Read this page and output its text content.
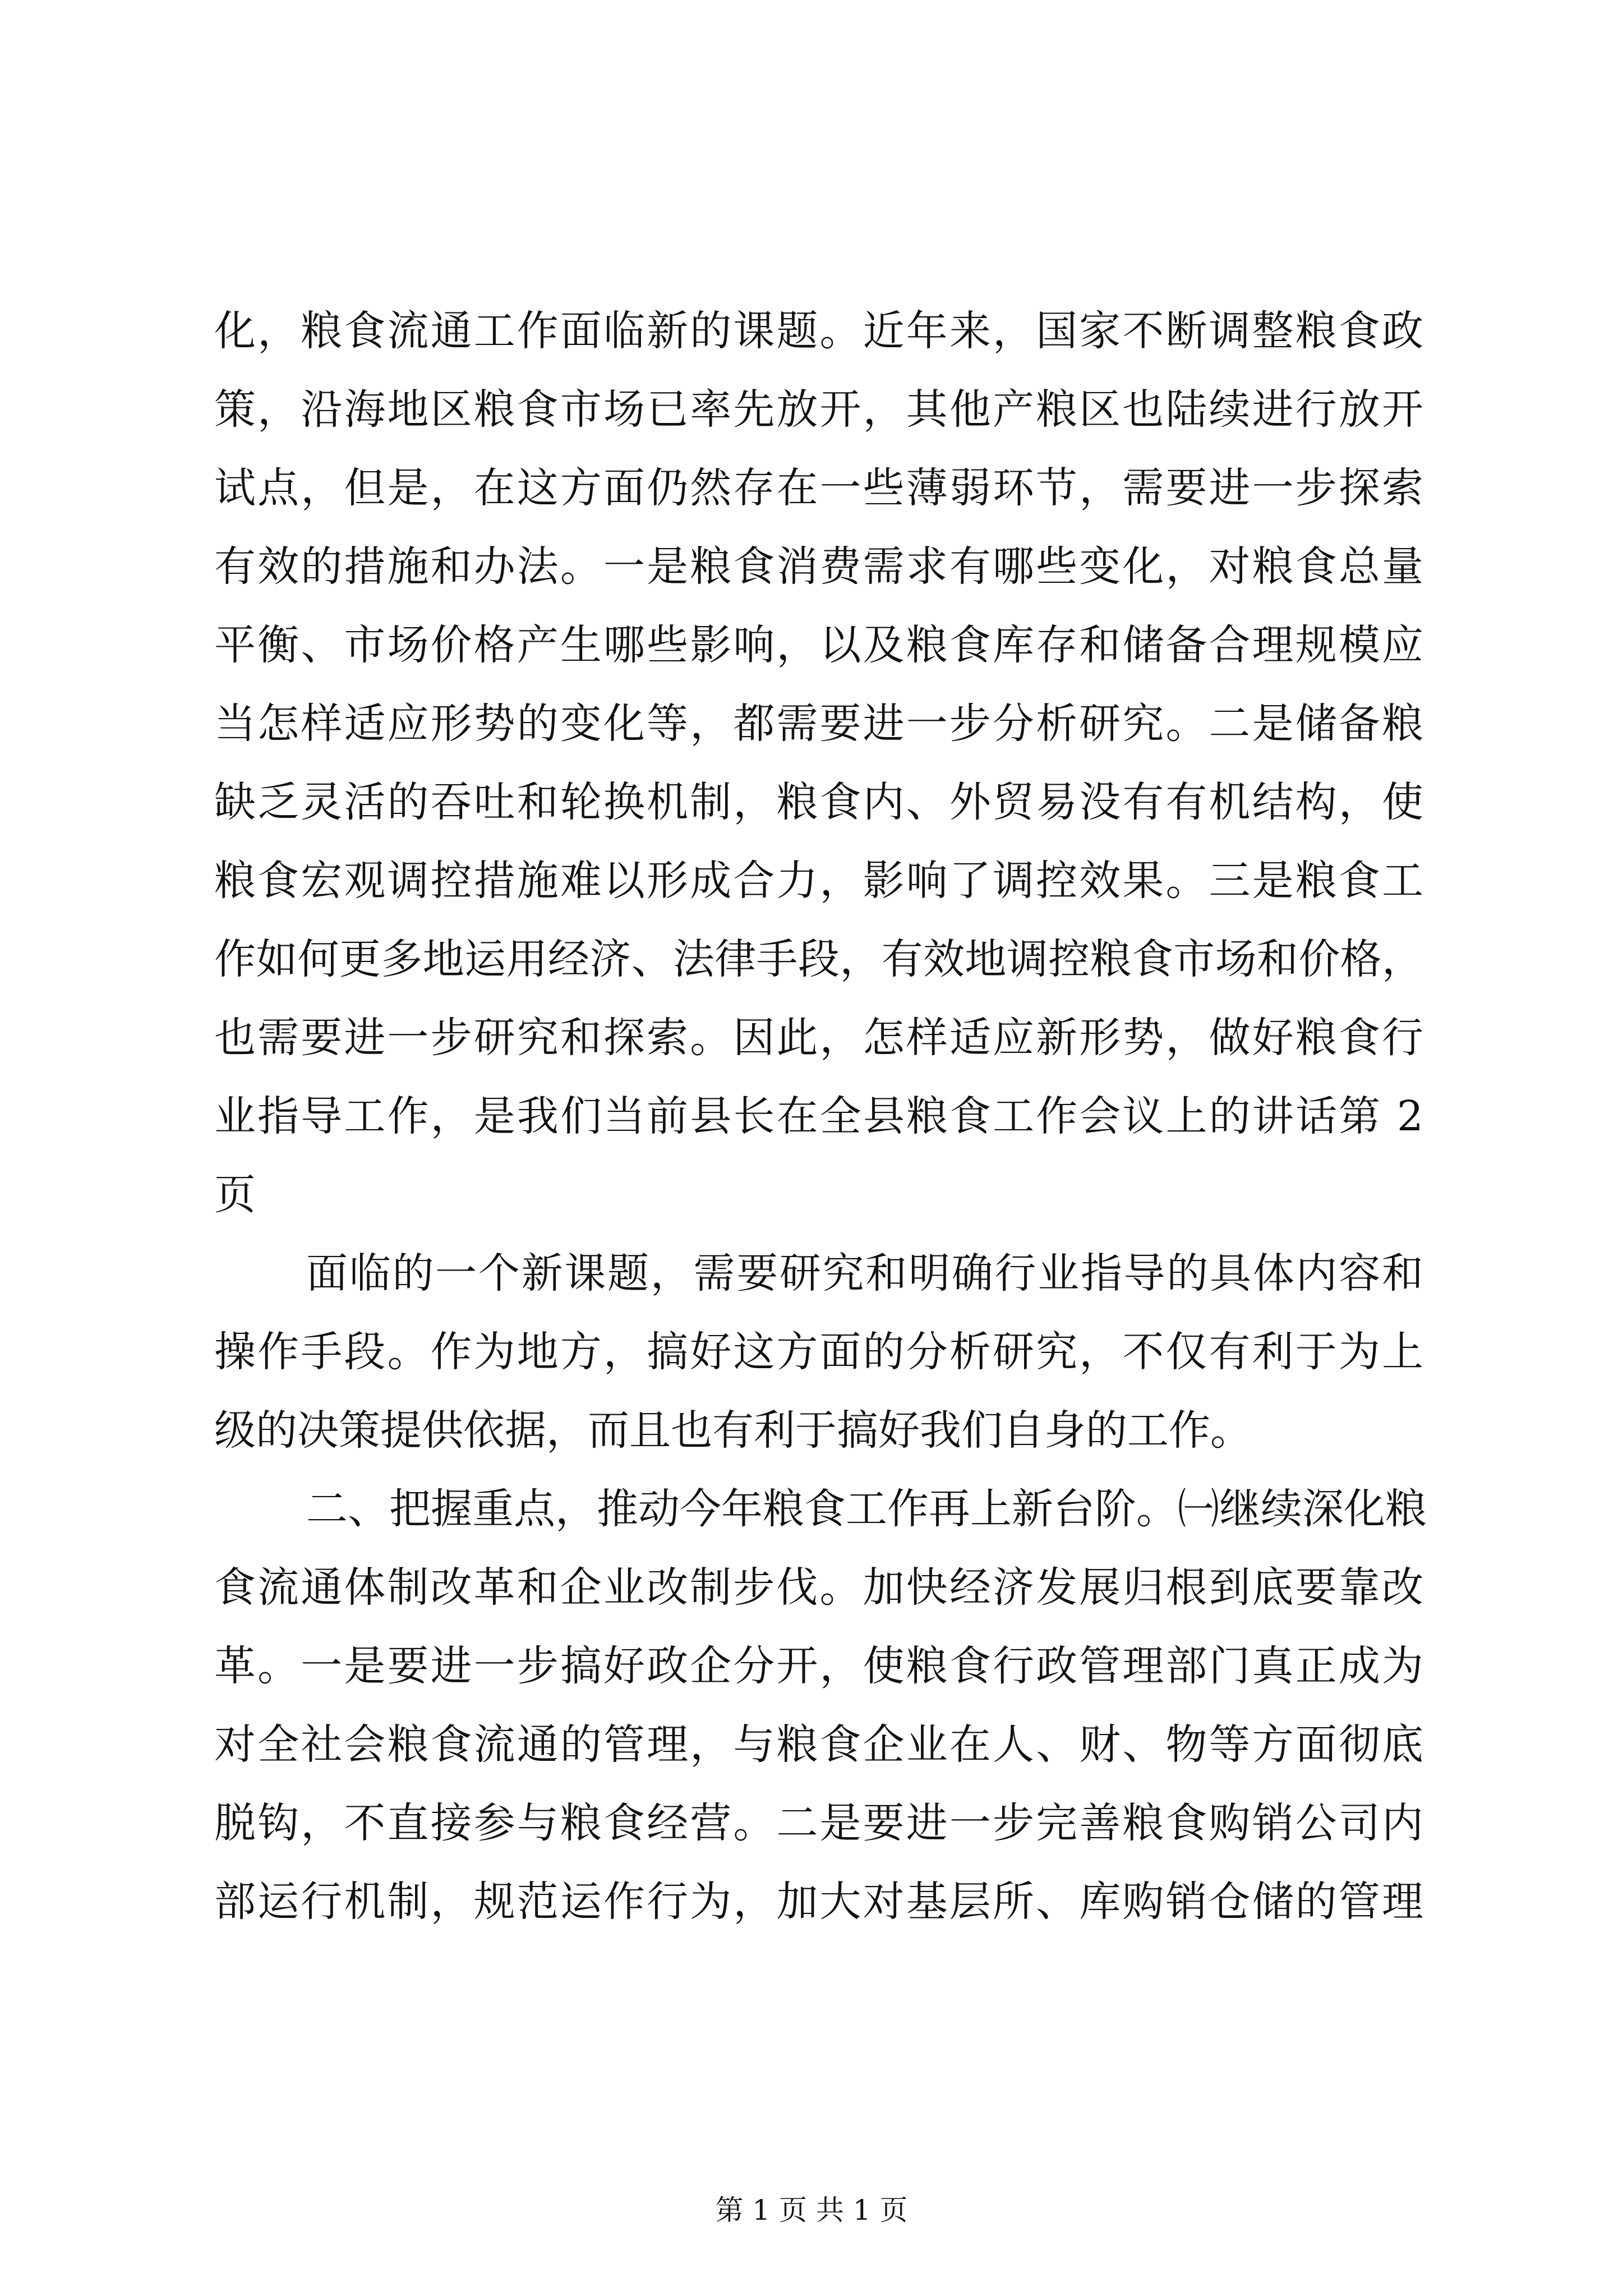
化，粮食流通工作面临新的课题。近年来，国家不断调整粮食政
策，沿海地区粮食市场已率先放开，其他产粮区也陆续进行放开
试点，但是，在这方面仍然存在一些薄弱环节，需要进一步探索
有效的措施和办法。一是粮食消费需求有哪些变化，对粮食总量
平衡、市场价格产生哪些影响，以及粮食库存和储备合理规模应
当怎样适应形势的变化等，都需要进一步分析研究。二是储备粮
缺乏灵活的吞吐和轮换机制，粮食内、外贸易没有有机结构，使
粮食宏观调控措施难以形成合力，影响了调控效果。三是粮食工
作如何更多地运用经济、法律手段，有效地调控粮食市场和价格，
也需要进一步研究和探索。因此，怎样适应新形势，做好粮食行
业指导工作，是我们当前县长在全县粮食工作会议上的讲话第 2
页
面临的一个新课题，需要研究和明确行业指导的具体内容和
操作手段。作为地方，搞好这方面的分析研究，不仅有利于为上
级的决策提供依据，而且也有利于搞好我们自身的工作。
二、把握重点，推动今年粮食工作再上新台阶。㈠继续深化粮
食流通体制改革和企业改制步伐。加快经济发展归根到底要靠改
革。一是要进一步搞好政企分开，使粮食行政管理部门真正成为
对全社会粮食流通的管理，与粮食企业在人、财、物等方面彻底
脱钩，不直接参与粮食经营。二是要进一步完善粮食购销公司内
部运行机制，规范运作行为，加大对基层所、库购销仓储的管理
第 1 页 共 1 页
